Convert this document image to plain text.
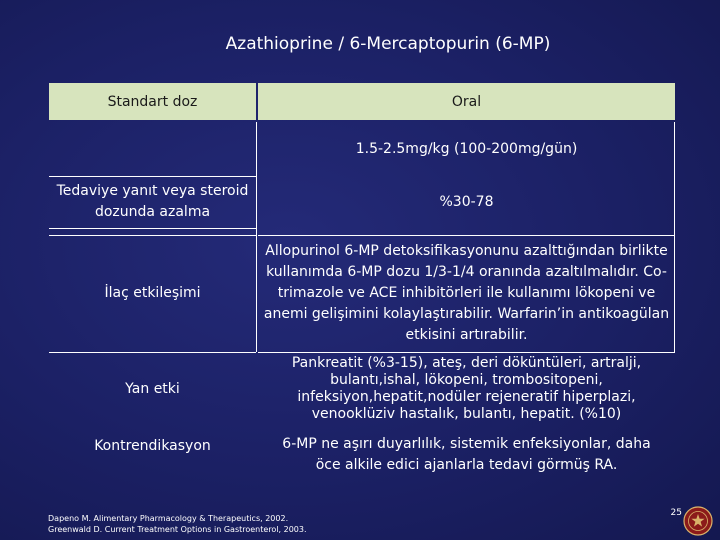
Azathioprine / 6-Mercaptopurin (6-MP)
Standart doz	Oral
1.5-2.5mg/kg (100-200mg/gün)
Tedaviye yanıt veya steroid dozunda azalma
%30-78
İlaç etkileşimi
Allopurinol 6-MP detoksifikasyonunu azalttığından birlikte kullanımda 6-MP dozu 1/3-1/4 oranında azaltılmalıdır. Co-trimazole ve ACE inhibitörleri ile kullanımı lökopeni ve anemi gelişimini kolaylaştırabilir. Warfarin’in antikoagülan etkisini artırabilir.
Yan etki
Pankreatit (%3-15), ateş, deri döküntüleri, artralji, bulantı,ishal, lökopeni, trombositopeni, infeksiyon,hepatit,nodüler rejeneratif hiperplazi, venooklüziv hastalık, bulantı, hepatit. (%10)
Kontrendikasyon	6-MP ne aşırı duyarlılık, sistemik enfeksiyonlar, daha öce alkile edici ajanlarla tedavi görmüş RA.
Dapeno M. Alimentary Pharmacology & Therapeutics, 2002.
Greenwald D. Current Treatment Options in Gastroenterol, 2003.
25
